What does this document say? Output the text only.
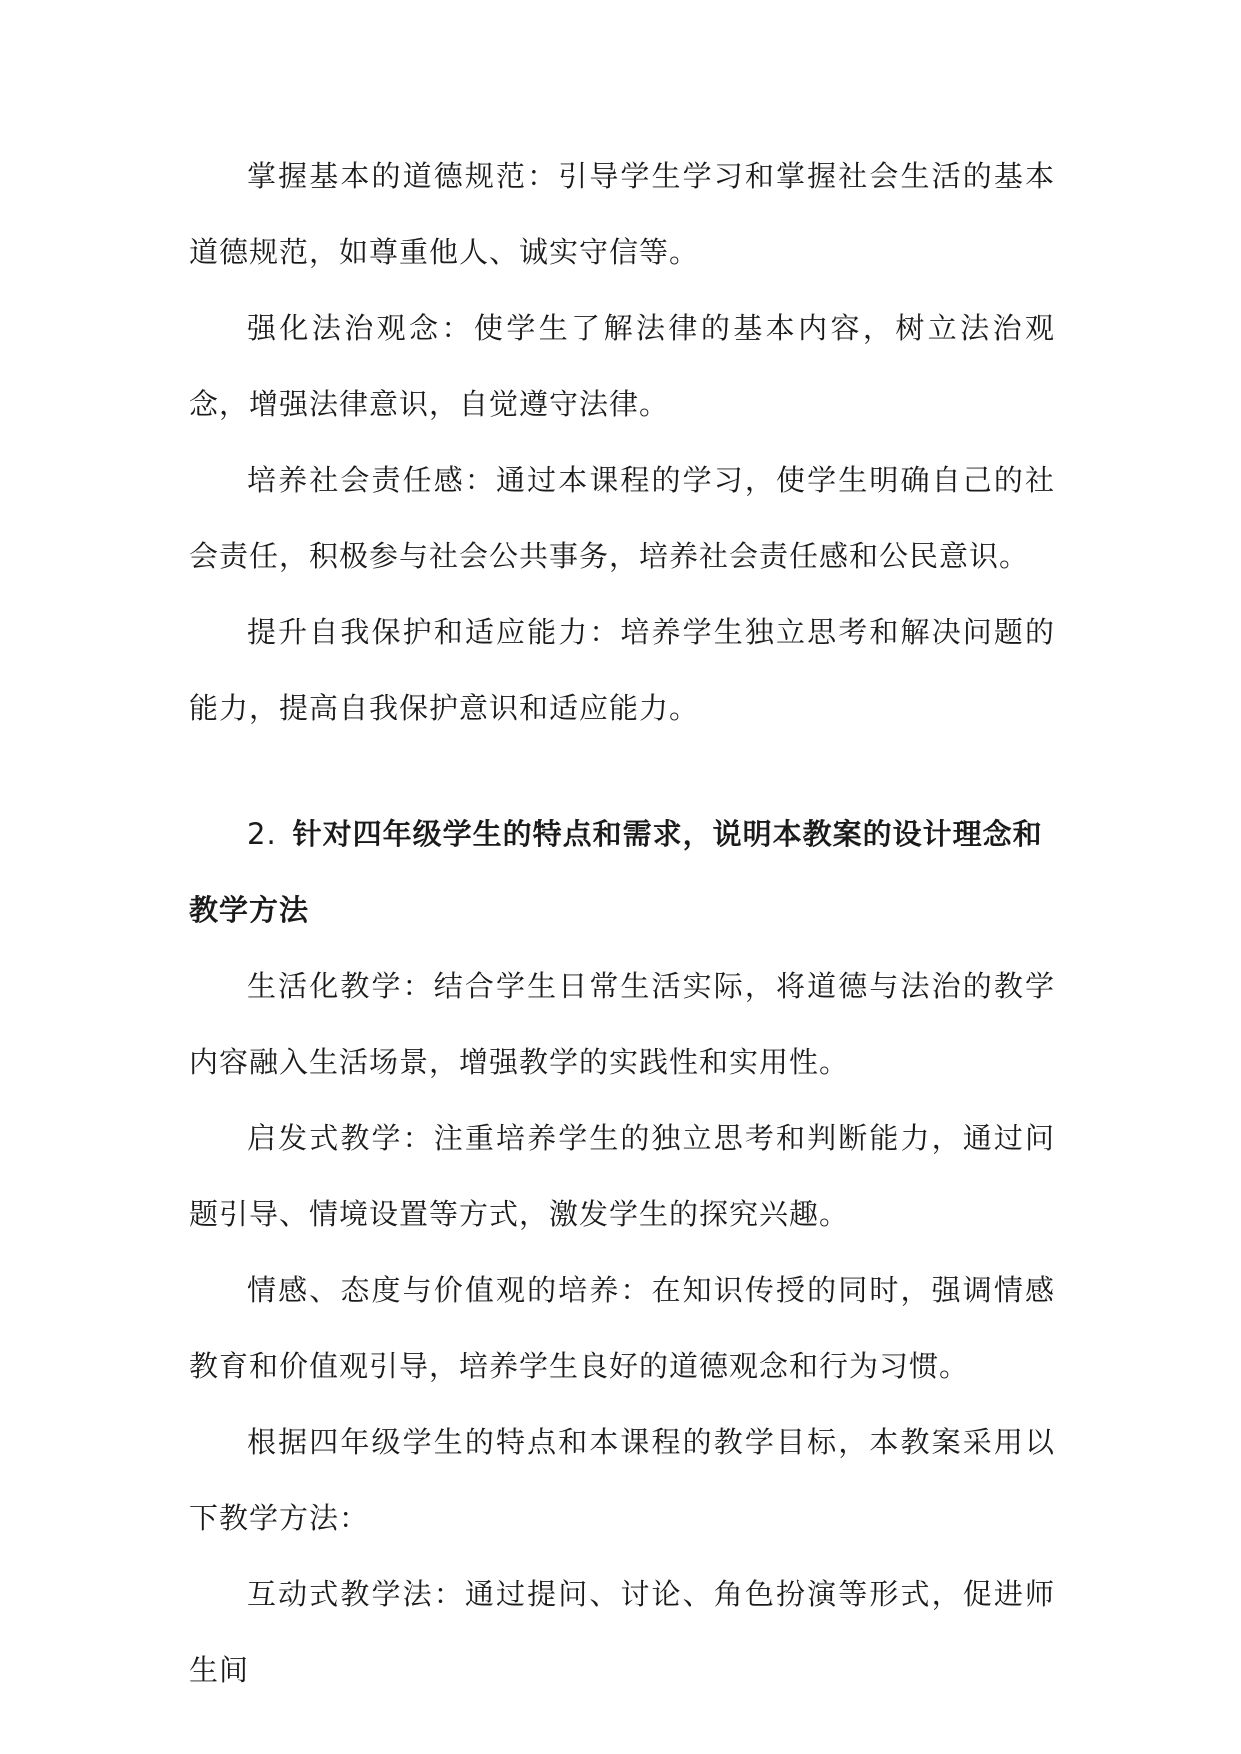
掌握基本的道德规范：引导学生学习和掌握社会生活的基本道德规范，如尊重他人、诚实守信等。

强化法治观念：使学生了解法律的基本内容，树立法治观念，增强法律意识，自觉遵守法律。

培养社会责任感：通过本课程的学习，使学生明确自己的社会责任，积极参与社会公共事务，培养社会责任感和公民意识。

提升自我保护和适应能力：培养学生独立思考和解决问题的能力，提高自我保护意识和适应能力。

2. 针对四年级学生的特点和需求，说明本教案的设计理念和教学方法

生活化教学：结合学生日常生活实际，将道德与法治的教学内容融入生活场景，增强教学的实践性和实用性。

启发式教学：注重培养学生的独立思考和判断能力，通过问题引导、情境设置等方式，激发学生的探究兴趣。

情感、态度与价值观的培养：在知识传授的同时，强调情感教育和价值观引导，培养学生良好的道德观念和行为习惯。

根据四年级学生的特点和本课程的教学目标，本教案采用以下教学方法：

互动式教学法：通过提问、讨论、角色扮演等形式，促进师生间
